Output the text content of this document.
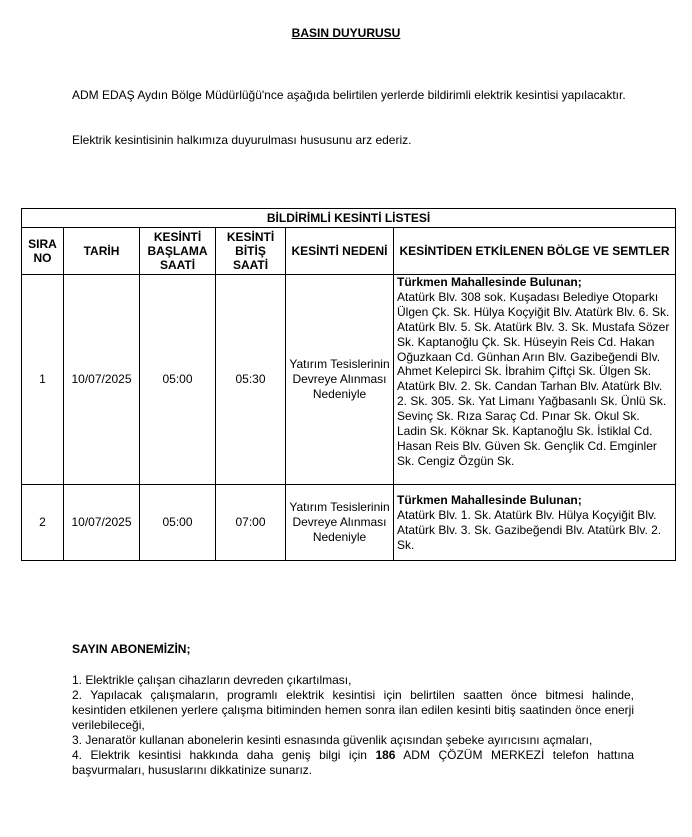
BASIN DUYURUSU

ADM EDAŞ Aydın Bölge Müdürlüğü'nce aşağıda belirtilen yerlerde bildirimli elektrik kesintisi yapılacaktır.

Elektrik kesintisinin halkımıza duyurulması hususunu arz ederiz.

BİLDİRİMLİ KESİNTİ LİSTESİ					
SIRA NO	TARİH	KESİNTİ BAŞLAMA SAATİ	KESİNTİ BİTİŞ SAATİ	KESİNTİ NEDENİ	KESİNTİDEN ETKİLENEN BÖLGE VE SEMTLER
1	10/07/2025	05:00	05:30	Yatırım Tesislerinin Devreye Alınması Nedeniyle	Türkmen Mahallesinde Bulunan;
Atatürk Blv. 308 sok. Kuşadası Belediye Otoparkı Ülgen Çk. Sk. Hülya Koçyiğit Blv. Atatürk Blv. 6. Sk. Atatürk Blv. 5. Sk. Atatürk Blv. 3. Sk. Mustafa Sözer Sk. Kaptanoğlu Çk. Sk. Hüseyin Reis Cd. Hakan Oğuzkaan Cd. Günhan Arın Blv. Gazibeğendi Blv. Ahmet Kelepirci Sk. İbrahim Çiftçi Sk. Ülgen Sk. Atatürk Blv. 2. Sk. Candan Tarhan Blv. Atatürk Blv. 2. Sk. 305. Sk. Yat Limanı Yağbasanlı Sk. Ünlü Sk. Sevinç Sk. Rıza Saraç Cd. Pınar Sk. Okul Sk. Ladin Sk. Köknar Sk. Kaptanoğlu Sk. İstiklal Cd. Hasan Reis Blv. Güven Sk. Gençlik Cd. Emginler Sk. Cengiz Özgün Sk.
2	10/07/2025	05:00	07:00	Yatırım Tesislerinin Devreye Alınması Nedeniyle	Türkmen Mahallesinde Bulunan;
Atatürk Blv. 1. Sk. Atatürk Blv. Hülya Koçyiğit Blv. Atatürk Blv. 3. Sk. Gazibeğendi Blv. Atatürk Blv. 2. Sk.

SAYIN ABONEMİZİN;

1. Elektrikle çalışan cihazların devreden çıkartılması,

2. Yapılacak çalışmaların, programlı elektrik kesintisi için belirtilen saatten önce bitmesi halinde, kesintiden etkilenen yerlere çalışma bitiminden hemen sonra ilan edilen kesinti bitiş saatinden önce enerji verilebileceği,

3. Jenaratör kullanan abonelerin kesinti esnasında güvenlik açısından şebeke ayırıcısını açmaları,

4. Elektrik kesintisi hakkında daha geniş bilgi için 186 ADM ÇÖZÜM MERKEZİ telefon hattına başvurmaları, hususlarını dikkatinize sunarız.
